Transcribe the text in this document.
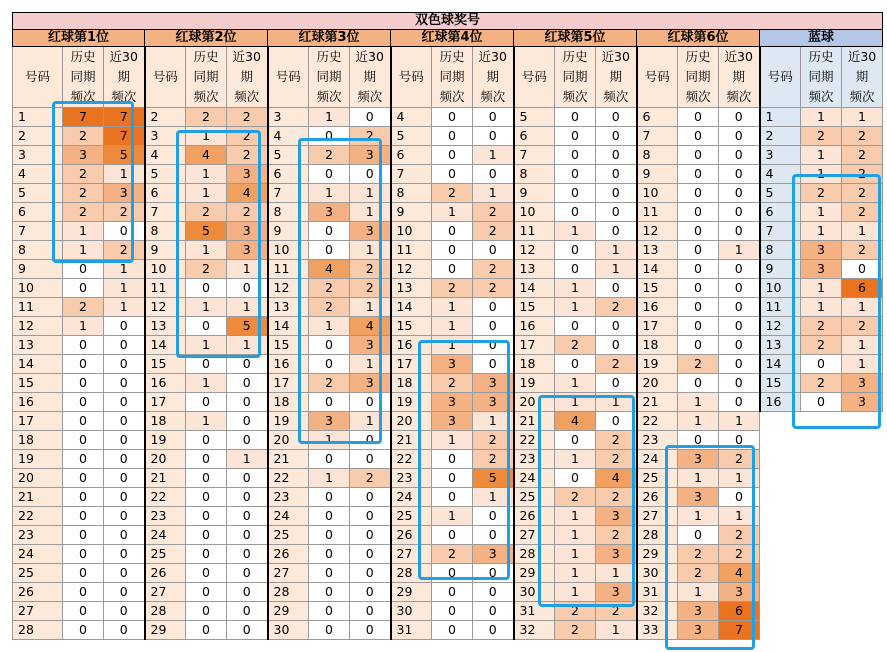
双色球奖号																				
红球第1位			红球第2位			红球第3位			红球第4位			红球第5位			红球第6位			蓝球		
号码	历史
同期
频次	近30
期
频次	号码	历史
同期
频次	近30
期
频次	号码	历史
同期
频次	近30
期
频次	号码	历史
同期
频次	近30
期
频次	号码	历史
同期
频次	近30
期
频次	号码	历史
同期
频次	近30
期
频次	号码	历史
同期
频次	近30
期
频次
1	7	7	2	2	2	3	1	0	4	0	0	5	0	0	6	0	0	1	1	1
2	2	7	3	1	2	4	0	2	5	0	0	6	0	0	7	0	0	2	2	2
3	3	5	4	4	2	5	2	3	6	0	1	7	0	0	8	0	0	3	1	2
4	2	1	5	1	3	6	0	0	7	0	0	8	0	0	9	0	0	4	1	2
5	2	3	6	1	4	7	1	1	8	2	1	9	0	0	10	0	0	5	2	2
6	2	2	7	2	2	8	3	1	9	1	2	10	0	0	11	0	0	6	1	2
7	1	0	8	5	3	9	0	3	10	0	2	11	1	0	12	0	0	7	1	1
8	1	2	9	1	3	10	0	1	11	0	0	12	0	1	13	0	1	8	3	2
9	0	1	10	2	1	11	4	2	12	0	2	13	0	1	14	0	0	9	3	0
10	0	1	11	0	0	12	2	2	13	2	2	14	1	0	15	0	0	10	1	6
11	2	1	12	1	1	13	2	1	14	1	0	15	1	2	16	0	0	11	1	1
12	1	0	13	0	5	14	1	4	15	1	0	16	0	0	17	0	0	12	2	2
13	0	0	14	1	1	15	0	3	16	1	0	17	2	0	18	0	0	13	2	1
14	0	0	15	0	0	16	0	1	17	3	0	18	0	2	19	2	0	14	0	1
15	0	0	16	1	0	17	2	3	18	2	3	19	1	0	20	0	0	15	2	3
16	0	0	17	0	0	18	0	0	19	3	3	20	1	1	21	1	0	16	0	3
17	0	0	18	1	0	19	3	1	20	3	1	21	4	0	22	1	1			
18	0	0	19	0	0	20	1	0	21	1	2	22	0	2	23	0	0			
19	0	0	20	0	1	21	0	0	22	0	2	23	1	2	24	3	2			
20	0	0	21	0	0	22	1	2	23	0	5	24	0	4	25	1	1			
21	0	0	22	0	0	23	0	0	24	0	1	25	2	2	26	3	0			
22	0	0	23	0	0	24	0	0	25	1	0	26	1	3	27	1	1			
23	0	0	24	0	0	25	0	0	26	0	0	27	1	2	28	0	2			
24	0	0	25	0	0	26	0	0	27	2	3	28	1	3	29	2	2			
25	0	0	26	0	0	27	0	0	28	0	0	29	1	1	30	2	4			
26	0	0	27	0	0	28	0	0	29	0	0	30	1	3	31	1	3			
27	0	0	28	0	0	29	0	0	30	0	0	31	2	2	32	3	6			
28	0	0	29	0	0	30	0	0	31	0	0	32	2	1	33	3	7			
